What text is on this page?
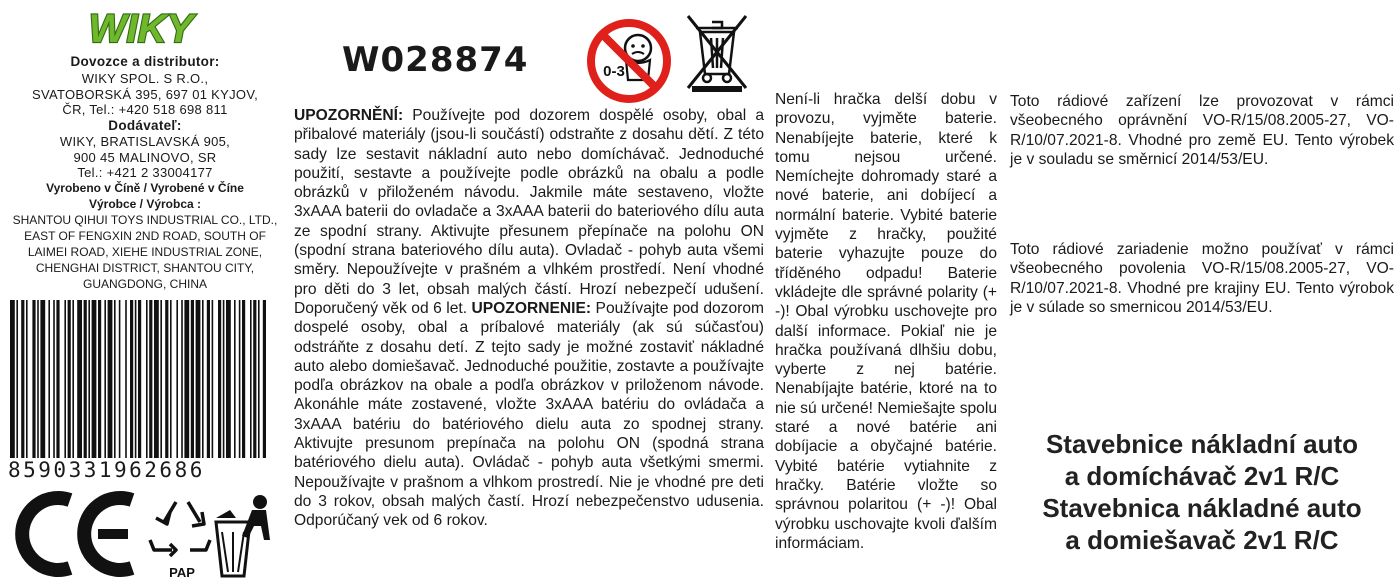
WIKY
Dovozce a distributor:
WIKY SPOL. S R.O.,
SVATOBORSKÁ 395, 697 01 KYJOV,
ČR, Tel.: +420 518 698 811
Dodávateľ:
WIKY, BRATISLAVSKÁ 905,
900 45 MALINOVO, SR
Tel.: +421 2 33004177
Vyrobeno v Číně / Vyrobené v Číne
Výrobce / Výrobca :
SHANTOU QIHUI TOYS INDUSTRIAL CO., LTD.,
EAST OF FENGXIN 2ND ROAD, SOUTH OF
LAIMEI ROAD, XIEHE INDUSTRIAL ZONE,
CHENGHAI DISTRICT, SHANTOU CITY,
GUANGDONG, CHINA
8590331962686
PAP
W028874	0-3
UPOZORNĚNÍ: Používejte pod dozorem dospělé osoby, obal a přibalové materiály (jsou-li součástí) odstraňte z dosahu dětí. Z této sady lze sestavit nákladní auto nebo domíchávač. Jednoduché použití, sestavte a používejte podle obrázků na obalu a podle obrázků v přiloženém návodu. Jakmile máte sestaveno, vložte 3xAAA baterii do ovladače a 3xAAA baterii do bateriového dílu auta ze spodní strany. Aktivujte přesunem přepínače na polohu ON (spodní strana bateriového dílu auta). Ovladač - pohyb auta všemi směry. Nepoužívejte v prašném a vlhkém prostředí. Není vhodné pro děti do 3 let, obsah malých částí. Hrozí nebezpečí udušení. Doporučený věk od 6 let. UPOZORNENIE: Používajte pod dozorom dospelé osoby, obal a príbalové materiály (ak sú súčasťou) odstráňte z dosahu detí. Z tejto sady je možné zostaviť nákladné auto alebo domiešavač. Jednoduché použitie, zostavte a používajte podľa obrázkov na obale a podľa obrázkov v priloženom návode. Akonáhle máte zostavené, vložte 3xAAA batériu do ovládača a 3xAAA batériu do batériového dielu auta zo spodnej strany. Aktivujte presunom prepínača na polohu ON (spodná strana batériového dielu auta). Ovládač - pohyb auta všetkými smermi. Nepoužívajte v prašnom a vlhkom prostredí. Nie je vhodné pre deti do 3 rokov, obsah malých častí. Hrozí nebezpečenstvo udusenia. Odporúčaný vek od 6 rokov.
Není-li hračka delší dobu v provozu, vyjměte baterie. Nenabíjejte baterie, které k tomu nejsou určené. Nemíchejte dohromady staré a nové baterie, ani dobíjecí a normální baterie. Vybité baterie vyjměte z hračky, použité baterie vyhazujte pouze do tříděného odpadu! Baterie vkládejte dle správné polarity (+ -)! Obal výrobku uschovejte pro další informace. Pokiaľ nie je hračka používaná dlhšiu dobu, vyberte z nej batérie. Nenabíjajte batérie, ktoré na to nie sú určené! Nemiešajte spolu staré a nové batérie ani dobíjacie a obyčajné batérie. Vybité batérie vytiahnite z hračky. Batérie vložte so správnou polaritou (+ -)! Obal výrobku uschovajte kvoli ďalším informáciam.
Toto rádiové zařízení lze provozovat v rámci všeobecného oprávnění VO-R/15/08.2005-27, VO-R/10/07.2021-8. Vhodné pro země EU. Tento výrobek je v souladu se směrnicí 2014/53/EU.
Toto rádiové zariadenie možno používať v rámci všeobecného povolenia VO-R/15/08.2005-27, VO-R/10/07.2021-8. Vhodné pre krajiny EU. Tento výrobok je v súlade so smernicou 2014/53/EU.
Stavebnice nákladní auto
a domíchávač 2v1 R/C
Stavebnica nákladné auto
a domiešavač 2v1 R/C
